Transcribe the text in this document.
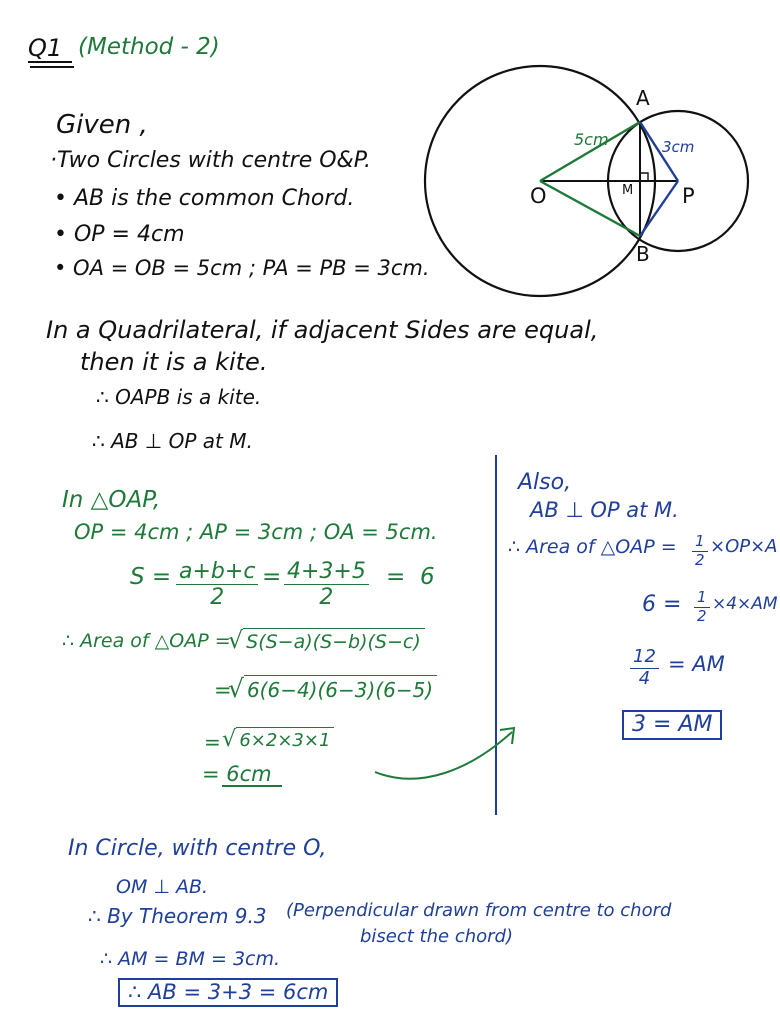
Q1 (Method - 2)
Given ,
·Two Circles with centre O&P.
• AB is the common Chord.
• OP = 4cm
• OA = OB = 5cm ; PA = PB = 3cm.
A
B
O	P
M
5cm	3cm
In a Quadrilateral, if adjacent Sides are equal,
then it is a kite.
∴ OAPB is a kite.
∴ AB ⊥ OP at M.
In △OAP,
OP = 4cm ; AP = 3cm ; OA = 5cm.
$S = \frac{a+b+c}{2} = \frac{4+3+5}{2} = 6$
∴ Area of △OAP =
√ S(S−a)(S−b)(S−c)
=
√ 6(6−4)(6−3)(6−5)
= √ 6×2×3×1
= 6cm
Also,
AB ⊥ OP at M.
∴ Area of △OAP = $\frac{1}{2} \times OP\times A$
$6 = \frac{1}{2} \times 4\times AM$
$\frac{12}{4}$ = AM
3 = AM
In Circle, with centre O,
OM ⊥ AB.
∴ By Theorem 9.3 (Perpendicular drawn from centre to chord
bisect the chord)
∴ AM = BM = 3cm.
∴ AB = 3+3 = 6cm
